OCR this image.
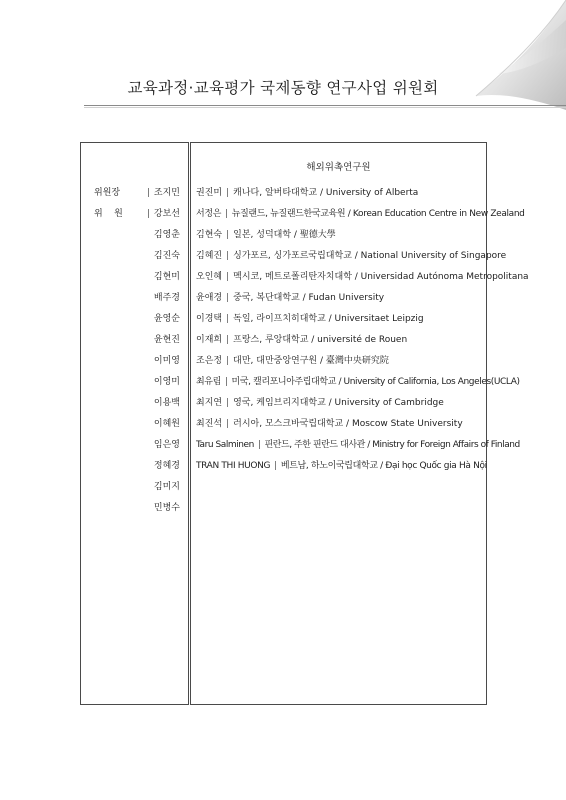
교육과정·교육평가 국제동향 연구사업 위원회
위원장	| 조지민
위    원	| 강보선
김영춘
김진숙
김현미
배주경
윤영순
윤현진
이미영
이영미
이용백
이혜원
임은영
정혜경
김미지
민병수
해외위촉연구원
권진미 | 캐나다, 알버타대학교 / University of Alberta
서정은 | 뉴질랜드, 뉴질랜드한국교육원 / Korean Education Centre in New Zealand
김현숙 | 일본, 성덕대학 / 聖德大學
김혜진 | 싱가포르, 싱가포르국립대학교 / National University of Singapore
오인혜 | 멕시코, 메트로폴리탄자치대학 / Universidad Autónoma Metropolitana
윤애경 | 중국, 복단대학교 / Fudan University
이경택 | 독일, 라이프치히대학교 / Universitaet Leipzig
이재희 | 프랑스, 루앙대학교 / université de Rouen
조은정 | 대만, 대만중앙연구원 / 臺灣中央研究院
최유림 | 미국, 캘리포니아주립대학교 / University of California, Los Angeles(UCLA)
최지연 | 영국, 케임브리지대학교 / University of Cambridge
최진석 | 러시아, 모스크바국립대학교 / Moscow State University
Taru Salminen | 핀란드, 주한 핀란드 대사관 / Ministry for Foreign Affairs of Finland
TRAN THI HUONG | 베트남, 하노이국립대학교 / Đại học Quốc gia Hà Nội
